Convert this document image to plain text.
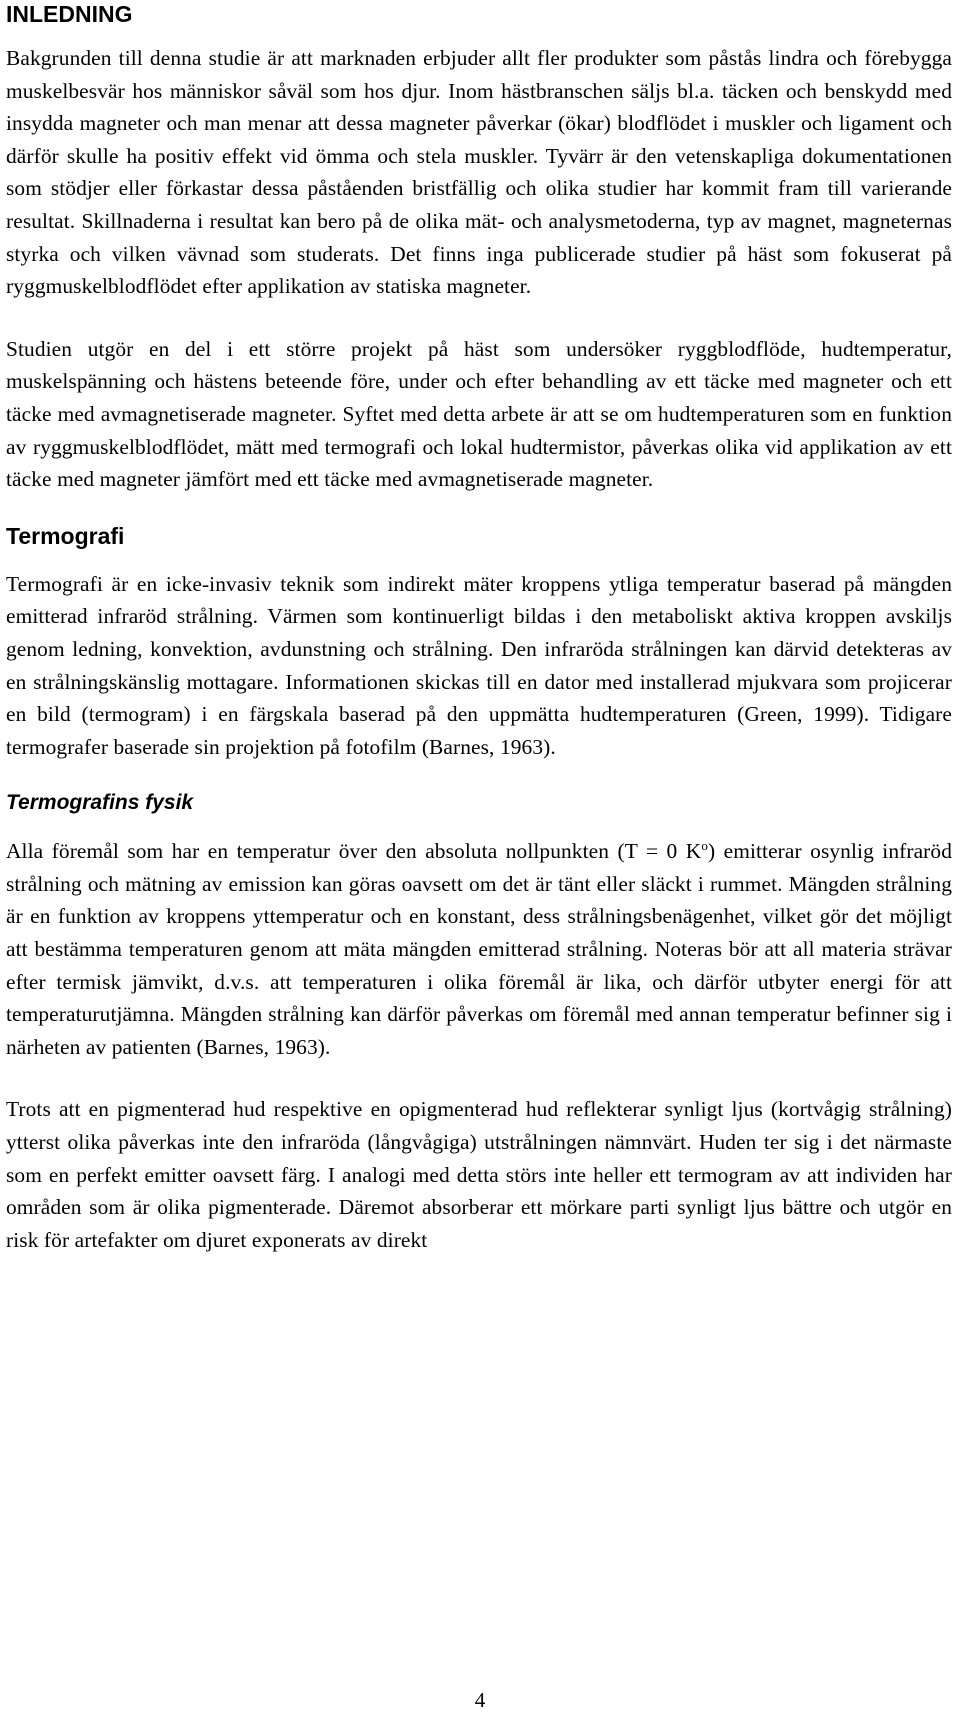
INLEDNING

Bakgrunden till denna studie är att marknaden erbjuder allt fler produkter som påstås lindra och förebygga muskelbesvär hos människor såväl som hos djur. Inom hästbranschen säljs bl.a. täcken och benskydd med insydda magneter och man menar att dessa magneter påverkar (ökar) blodflödet i muskler och ligament och därför skulle ha positiv effekt vid ömma och stela muskler. Tyvärr är den vetenskapliga dokumentationen som stödjer eller förkastar dessa påståenden bristfällig och olika studier har kommit fram till varierande resultat. Skillnaderna i resultat kan bero på de olika mät- och analysmetoderna, typ av magnet, magneternas styrka och vilken vävnad som studerats. Det finns inga publicerade studier på häst som fokuserat på ryggmuskelblodflödet efter applikation av statiska magneter.

Studien utgör en del i ett större projekt på häst som undersöker ryggblodflöde, hudtemperatur, muskelspänning och hästens beteende före, under och efter behandling av ett täcke med magneter och ett täcke med avmagnetiserade magneter. Syftet med detta arbete är att se om hudtemperaturen som en funktion av ryggmuskelblodflödet, mätt med termografi och lokal hudtermistor, påverkas olika vid applikation av ett täcke med magneter jämfört med ett täcke med avmagnetiserade magneter.

Termografi

Termografi är en icke-invasiv teknik som indirekt mäter kroppens ytliga temperatur baserad på mängden emitterad infraröd strålning. Värmen som kontinuerligt bildas i den metaboliskt aktiva kroppen avskiljs genom ledning, konvektion, avdunstning och strålning. Den infraröda strålningen kan därvid detekteras av en strålningskänslig mottagare. Informationen skickas till en dator med installerad mjukvara som projicerar en bild (termogram) i en färgskala baserad på den uppmätta hudtemperaturen (Green, 1999). Tidigare termografer baserade sin projektion på fotofilm (Barnes, 1963).

Termografins fysik

Alla föremål som har en temperatur över den absoluta nollpunkten (T = 0 $K^o$) emitterar osynlig infraröd strålning och mätning av emission kan göras oavsett om det är tänt eller släckt i rummet. Mängden strålning är en funktion av kroppens yttemperatur och en konstant, dess strålningsbenägenhet, vilket gör det möjligt att bestämma temperaturen genom att mäta mängden emitterad strålning. Noteras bör att all materia strävar efter termisk jämvikt, d.v.s. att temperaturen i olika föremål är lika, och därför utbyter energi för att temperaturutjämna. Mängden strålning kan därför påverkas om föremål med annan temperatur befinner sig i närheten av patienten (Barnes, 1963).

Trots att en pigmenterad hud respektive en opigmenterad hud reflekterar synligt ljus (kortvågig strålning) ytterst olika påverkas inte den infraröda (långvågiga) utstrålningen nämnvärt. Huden ter sig i det närmaste som en perfekt emitter oavsett färg. I analogi med detta störs inte heller ett termogram av att individen har områden som är olika pigmenterade. Däremot absorberar ett mörkare parti synligt ljus bättre och utgör en risk för artefakter om djuret exponerats av direkt

4
